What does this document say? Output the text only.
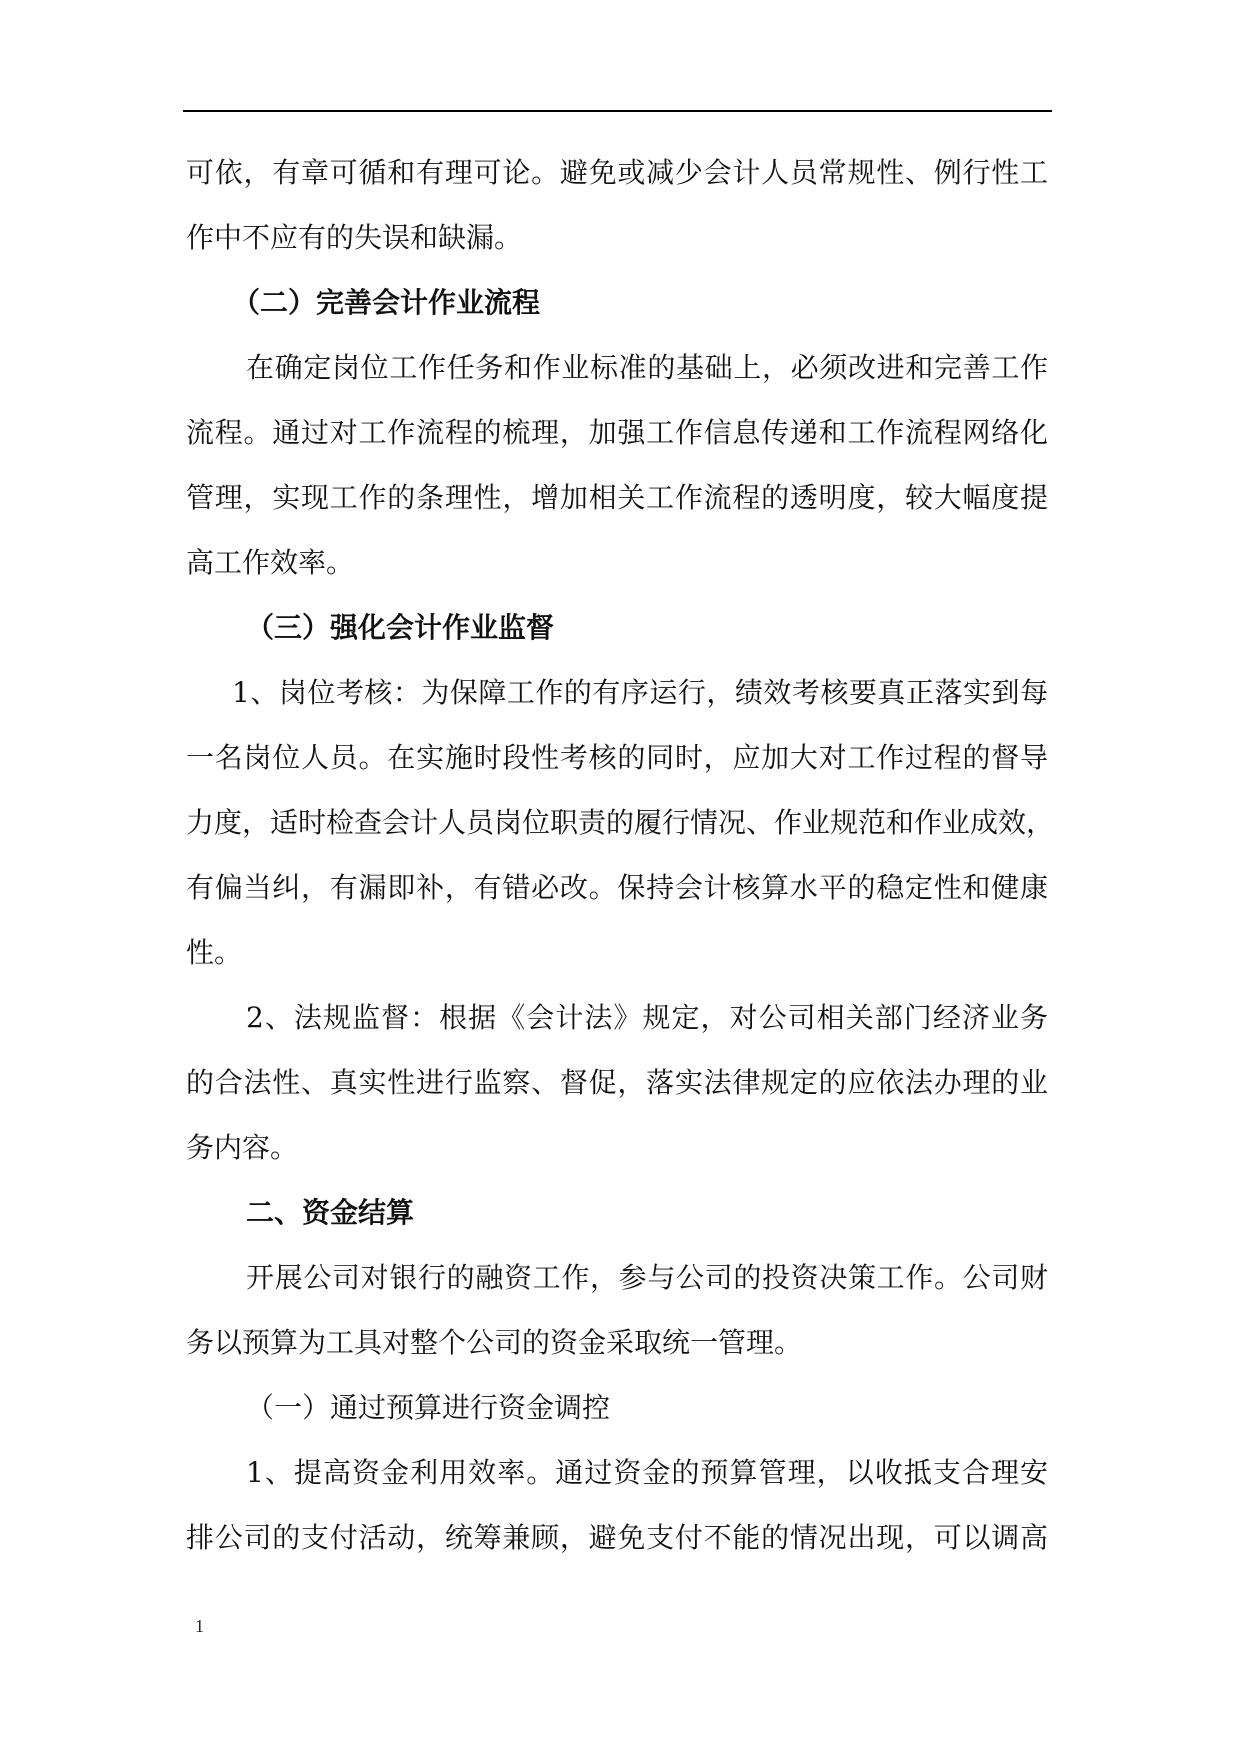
可依，有章可循和有理可论。避免或减少会计人员常规性、例行性工
作中不应有的失误和缺漏。
（二）完善会计作业流程
在确定岗位工作任务和作业标准的基础上，必须改进和完善工作
流程。通过对工作流程的梳理，加强工作信息传递和工作流程网络化
管理，实现工作的条理性，增加相关工作流程的透明度，较大幅度提
高工作效率。
（三）强化会计作业监督
1、岗位考核：为保障工作的有序运行，绩效考核要真正落实到每
一名岗位人员。在实施时段性考核的同时，应加大对工作过程的督导
力度，适时检查会计人员岗位职责的履行情况、作业规范和作业成效，
有偏当纠，有漏即补，有错必改。保持会计核算水平的稳定性和健康
性。
2、法规监督：根据《会计法》规定，对公司相关部门经济业务
的合法性、真实性进行监察、督促，落实法律规定的应依法办理的业
务内容。
二、资金结算
开展公司对银行的融资工作，参与公司的投资决策工作。公司财
务以预算为工具对整个公司的资金采取统一管理。
（一）通过预算进行资金调控
1、提高资金利用效率。通过资金的预算管理，以收抵支合理安
排公司的支付活动，统筹兼顾，避免支付不能的情况出现，可以调高
1
